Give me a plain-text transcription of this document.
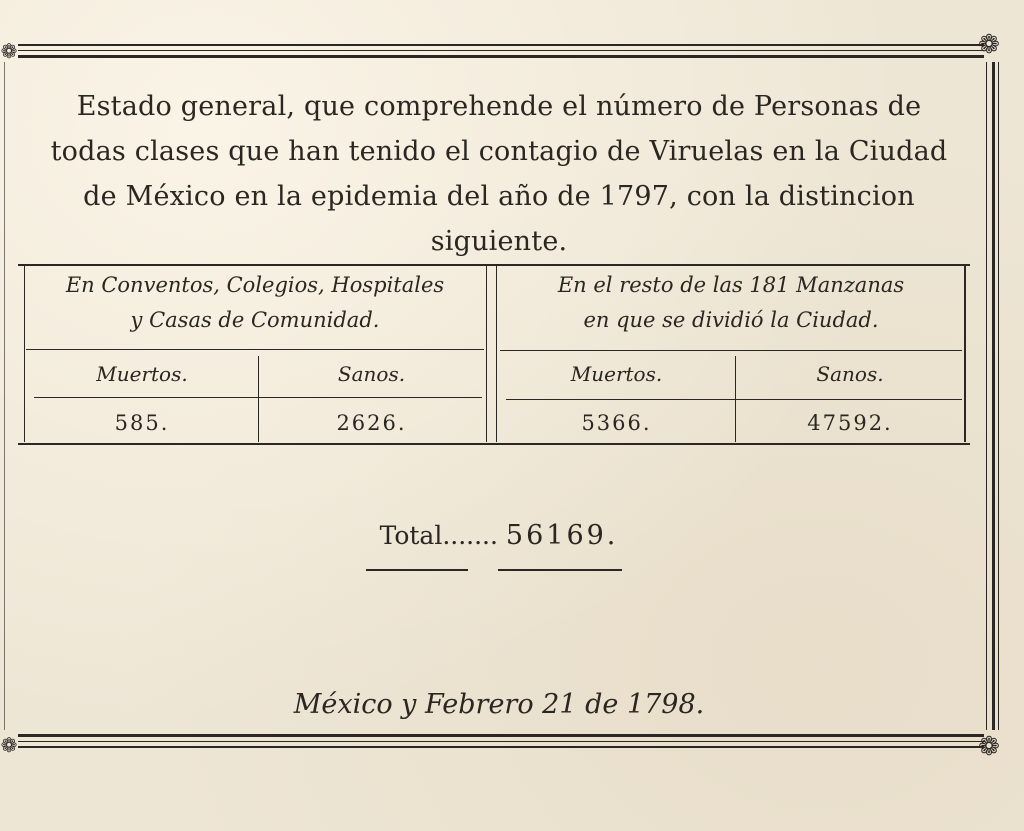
❁
❁
❁
❁
Estado general, que comprehende el número de Personas de
todas clases que han tenido el contagio de Viruelas en la Ciudad
de México en la epidemia del año de 1797, con la distincion
siguiente.
En Conventos, Colegios, Hospitales
y Casas de Comunidad.
En el resto de las 181 Manzanas
en que se dividió la Ciudad.
Muertos.	Sanos.	Muertos.	Sanos.
585.	2626.	5366.	47592.
Total....... 56169.
México y Febrero 21 de 1798.
